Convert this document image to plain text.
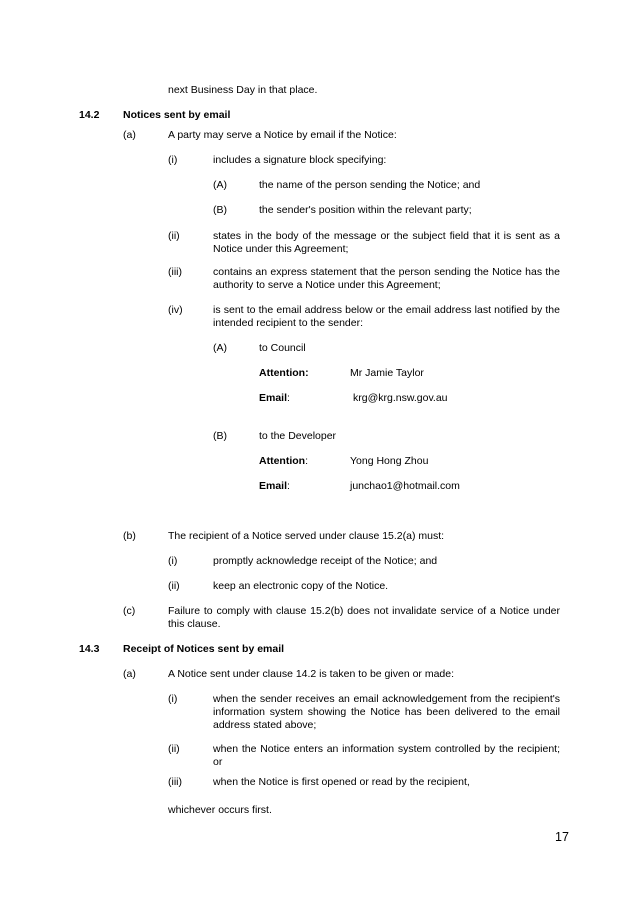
next Business Day in that place.
14.2 Notices sent by email
(a)	A party may serve a Notice by email if the Notice:
(i)	includes a signature block specifying:
(A)	the name of the person sending the Notice; and
(B)	the sender's position within the relevant party;
(ii)	states in the body of the message or the subject field that it is sent as a
Notice under this Agreement;
(iii)	contains an express statement that the person sending the Notice has the
authority to serve a Notice under this Agreement;
(iv)	is sent to the email address below or the email address last notified by the
intended recipient to the sender:
(A)	to Council
Attention:	Mr Jamie Taylor
Email:	krg@krg.nsw.gov.au
(B)	to the Developer
Attention:	Yong Hong Zhou
Email:	junchao1@hotmail.com
(b)	The recipient of a Notice served under clause 15.2(a) must:
(i)	promptly acknowledge receipt of the Notice; and
(ii)	keep an electronic copy of the Notice.
(c)	Failure to comply with clause 15.2(b) does not invalidate service of a Notice under
this clause.
14.3 Receipt of Notices sent by email
(a)	A Notice sent under clause 14.2 is taken to be given or made:
(i)	when the sender receives an email acknowledgement from the recipient's
information system showing the Notice has been delivered to the email
address stated above;
(ii)	when the Notice enters an information system controlled by the recipient;
or
(iii)	when the Notice is first opened or read by the recipient,
whichever occurs first.
17
